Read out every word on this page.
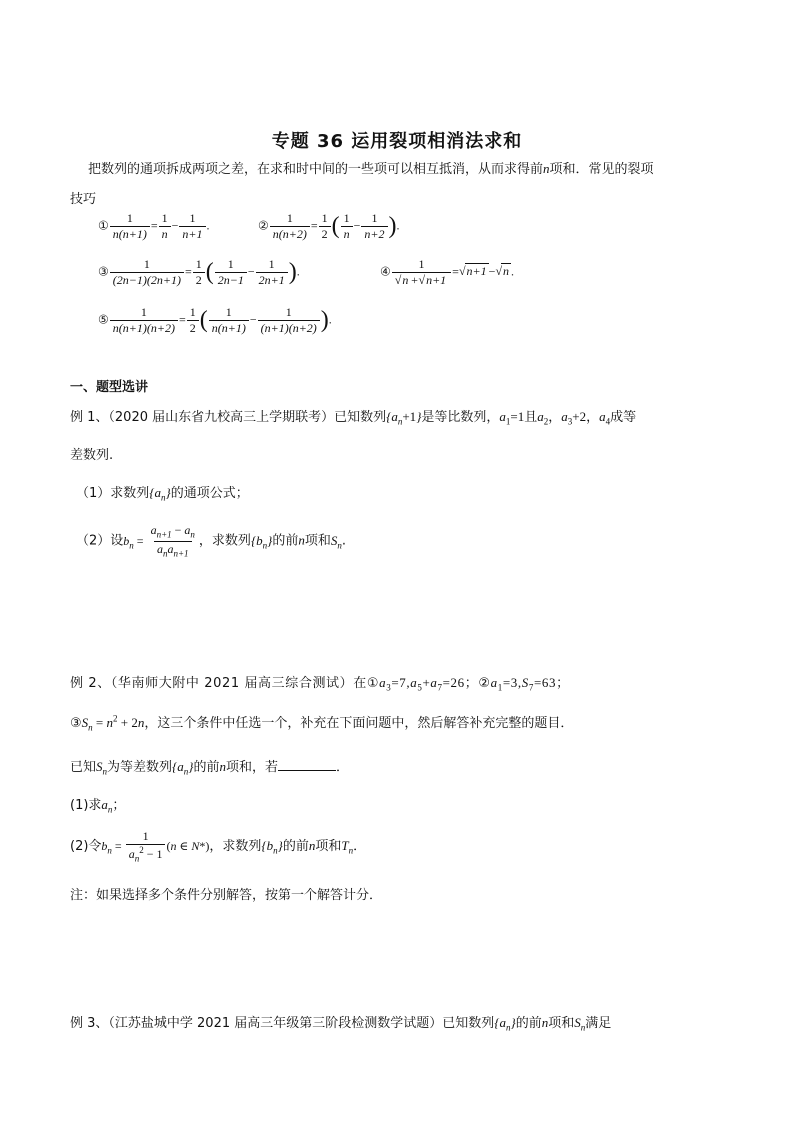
专题 36 运用裂项相消法求和
把数列的通项拆成两项之差，在求和时中间的一些项可以相互抵消，从而求得前n项和．常见的裂项
技巧
① $\frac{1}{n(n+1)} = \frac{1}{n} - \frac{1}{n+1}$ .	② $\frac{1}{n(n+2)} = \frac{1}{2}$ ( $\frac{1}{n} - \frac{1}{n+2}$ ).
③ $\frac{1}{(2n-1)(2n+1)} = \frac{1}{2}$ ( $\frac{1}{2n-1} - \frac{1}{2n+1}$ ).	④ $\frac{1}{√n +√n+1} =√n+1 -√n$ .
⑤ $\frac{1}{n(n+1)(n+2)} = \frac{1}{2}$ ( $\frac{1}{n(n+1)} - \frac{1}{(n+1)(n+2)}$ ).
一、题型选讲
例 1、（2020 届山东省九校高三上学期联考）已知数列$\{a_n+1\}$是等比数列，$a_1=1$且$a_2$，$a_3+2$，$a_4$成等
差数列.
（1）求数列$\{a_n\}$的通项公式；
（2）设$b_n = \frac{a_{n+1} - a_n}{a_na_{n+1}}$ ，求数列$\{b_n\}$的前n项和$S_n$.
例 2、（华南师大附中 2021 届高三综合测试）在$①a_3=7,a_5+a_7=26$；$②a_1=3,S_7=63$；
$③S_n = n^2 + 2n$，这三个条件中任选一个，补充在下面问题中，然后解答补充完整的题目．
已知$S_n$为等差数列$\{a_n\}$的前n项和，若	．
(1)求$a_n$；
(2)令$b_n = \frac{1}{a_n^2 - 1} (n$ ∈ N*)，求数列$\{b_n\}$的前n项和$T_n$．
注：如果选择多个条件分别解答，按第一个解答计分．
例 3、（江苏盐城中学 2021 届高三年级第三阶段检测数学试题）已知数列$\{a_n\}$的前n项和$S_n$满足
